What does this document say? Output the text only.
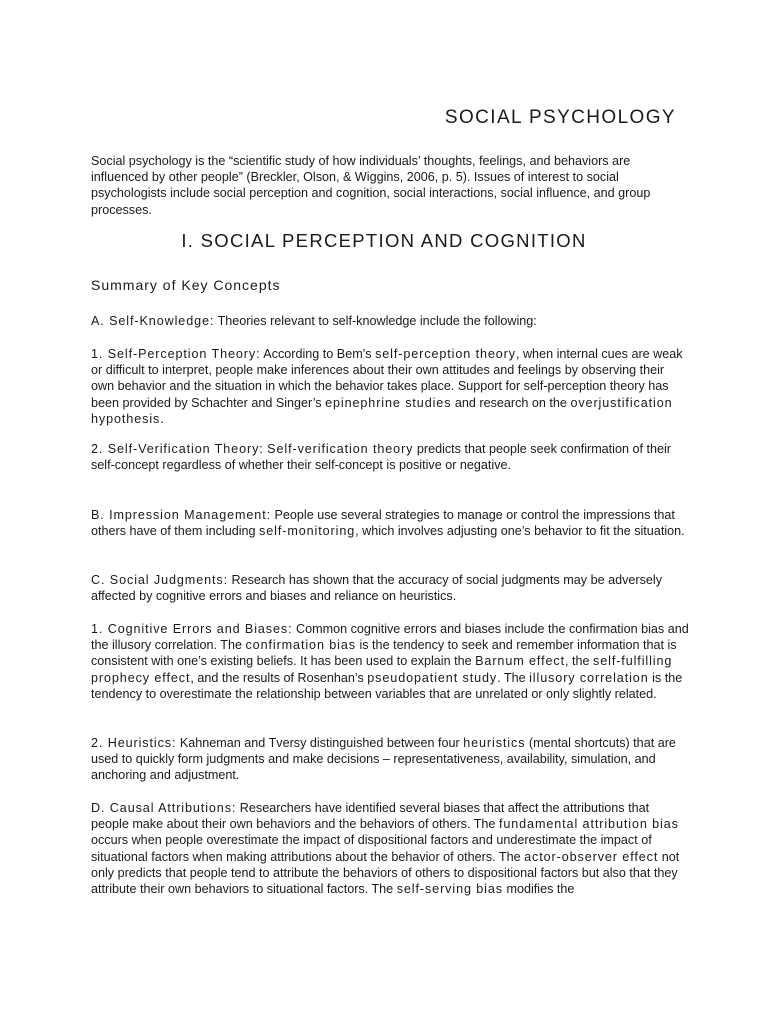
SOCIAL PSYCHOLOGY

Social psychology is the “scientific study of how individuals’ thoughts, feelings, and behaviors are influenced by other people” (Breckler, Olson, & Wiggins, 2006, p. 5). Issues of interest to social psychologists include social perception and cognition, social interactions, social influence, and group processes.

I. SOCIAL PERCEPTION AND COGNITION
Summary of Key Concepts

A. Self-Knowledge: Theories relevant to self-knowledge include the following:

1. Self-Perception Theory: According to Bem’s self-perception theory, when internal cues are weak or difficult to interpret, people make inferences about their own attitudes and feelings by observing their own behavior and the situation in which the behavior takes place. Support for self-perception theory has been provided by Schachter and Singer’s epinephrine studies and research on the overjustification hypothesis.

2. Self-Verification Theory: Self-verification theory predicts that people seek confirmation of their self-concept regardless of whether their self-concept is positive or negative.

B. Impression Management: People use several strategies to manage or control the impressions that others have of them including self-monitoring, which involves adjusting one’s behavior to fit the situation.

C. Social Judgments: Research has shown that the accuracy of social judgments may be adversely affected by cognitive errors and biases and reliance on heuristics.

1. Cognitive Errors and Biases: Common cognitive errors and biases include the confirmation bias and the illusory correlation. The confirmation bias is the tendency to seek and remember information that is consistent with one’s existing beliefs. It has been used to explain the Barnum effect, the self-fulfilling prophecy effect, and the results of Rosenhan’s pseudopatient study. The illusory correlation is the tendency to overestimate the relationship between variables that are unrelated or only slightly related.

2. Heuristics: Kahneman and Tversy distinguished between four heuristics (mental shortcuts) that are used to quickly form judgments and make decisions – representativeness, availability, simulation, and anchoring and adjustment.

D. Causal Attributions: Researchers have identified several biases that affect the attributions that people make about their own behaviors and the behaviors of others. The fundamental attribution bias occurs when people overestimate the impact of dispositional factors and underestimate the impact of situational factors when making attributions about the behavior of others. The actor-observer effect not only predicts that people tend to attribute the behaviors of others to dispositional factors but also that they attribute their own behaviors to situational factors. The self-serving bias modifies the
